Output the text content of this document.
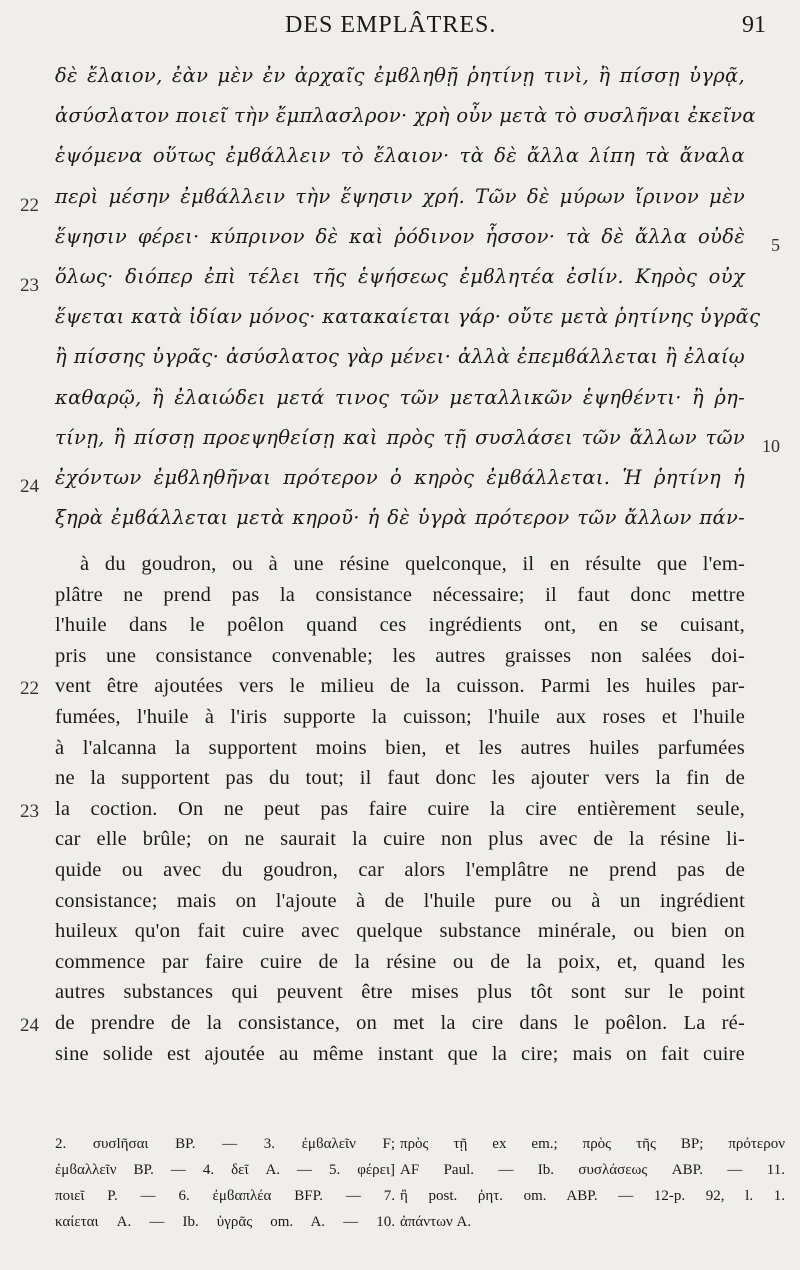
DES EMPLÂTRES.	91
δὲ ἔλαιον, ἐὰν μὲν ἐν ἀρχαῖς ἐμϐληθῇ ῥητίνῃ τινὶ, ἢ πίσσῃ ὑγρᾷ,
ἀσύσλατον ποιεῖ τὴν ἔμπλασλρον· χρὴ οὖν μετὰ τὸ συσλῆναι ἐκεῖνα
ἑψόμενα οὕτως ἐμϐάλλειν τὸ ἔλαιον· τὰ δὲ ἄλλα λίπη τὰ ἄναλα
περὶ μέσην ἐμϐάλλειν τὴν ἕψησιν χρή. Τῶν δὲ μύρων ἴρινον μὲν
ἕψησιν φέρει· κύπρινον δὲ καὶ ῥόδινον ἧσσον· τὰ δὲ ἄλλα οὐδὲ
ὅλως· διόπερ ἐπὶ τέλει τῆς ἑψήσεως ἐμϐλητέα ἐσlίν. Κηρὸς οὐχ
ἕψεται κατὰ ἰδίαν μόνος· κατακαίεται γάρ· οὔτε μετὰ ῥητίνης ὑγρᾶς
ἢ πίσσης ὑγρᾶς· ἀσύσλατος γὰρ μένει· ἀλλὰ ἐπεμϐάλλεται ἢ ἐλαίῳ
καθαρῷ, ἢ ἐλαιώδει μετά τινος τῶν μεταλλικῶν ἑψηθέντι· ἢ ῥη-
τίνῃ, ἢ πίσσῃ προεψηθείσῃ καὶ πρὸς τῇ συσλάσει τῶν ἄλλων τῶν
ἐχόντων ἐμϐληθῆναι πρότερον ὁ κηρὸς ἐμϐάλλεται. Ἡ ῥητίνη ἡ
ξηρὰ ἐμϐάλλεται μετὰ κηροῦ· ἡ δὲ ὑγρὰ πρότερον τῶν ἄλλων πάν-
22
23
24
5
10
à du goudron, ou à une résine quelconque, il en résulte que l'em-
plâtre ne prend pas la consistance nécessaire; il faut donc mettre
l'huile dans le poêlon quand ces ingrédients ont, en se cuisant,
pris une consistance convenable; les autres graisses non salées doi-
vent être ajoutées vers le milieu de la cuisson. Parmi les huiles par-
fumées, l'huile à l'iris supporte la cuisson; l'huile aux roses et l'huile
à l'alcanna la supportent moins bien, et les autres huiles parfumées
ne la supportent pas du tout; il faut donc les ajouter vers la fin de
la coction. On ne peut pas faire cuire la cire entièrement seule,
car elle brûle; on ne saurait la cuire non plus avec de la résine li-
quide ou avec du goudron, car alors l'emplâtre ne prend pas de
consistance; mais on l'ajoute à de l'huile pure ou à un ingrédient
huileux qu'on fait cuire avec quelque substance minérale, ou bien on
commence par faire cuire de la résine ou de la poix, et, quand les
autres substances qui peuvent être mises plus tôt sont sur le point
de prendre de la consistance, on met la cire dans le poêlon. La ré-
sine solide est ajoutée au même instant que la cire; mais on fait cuire
22
23
24
2. συσlῆσαι BP. — 3. ἐμϐαλεῖν F;
ἐμϐαλλεῖν BP. — 4. δεῖ A. — 5. φέρει]
ποιεῖ P. — 6. ἐμϐαπλέα BFP. — 7.
καίεται A. — Ib. ὑγρᾶς om. A. — 10.
πρὸς τῇ ex em.; πρὸς τῆς BP; πρότερον
AF Paul. — Ib. συσλάσεως ABP. — 11.
ἢ post. ῥητ. om. ABP. — 12-p. 92, l. 1.
ἀπάντων A.
